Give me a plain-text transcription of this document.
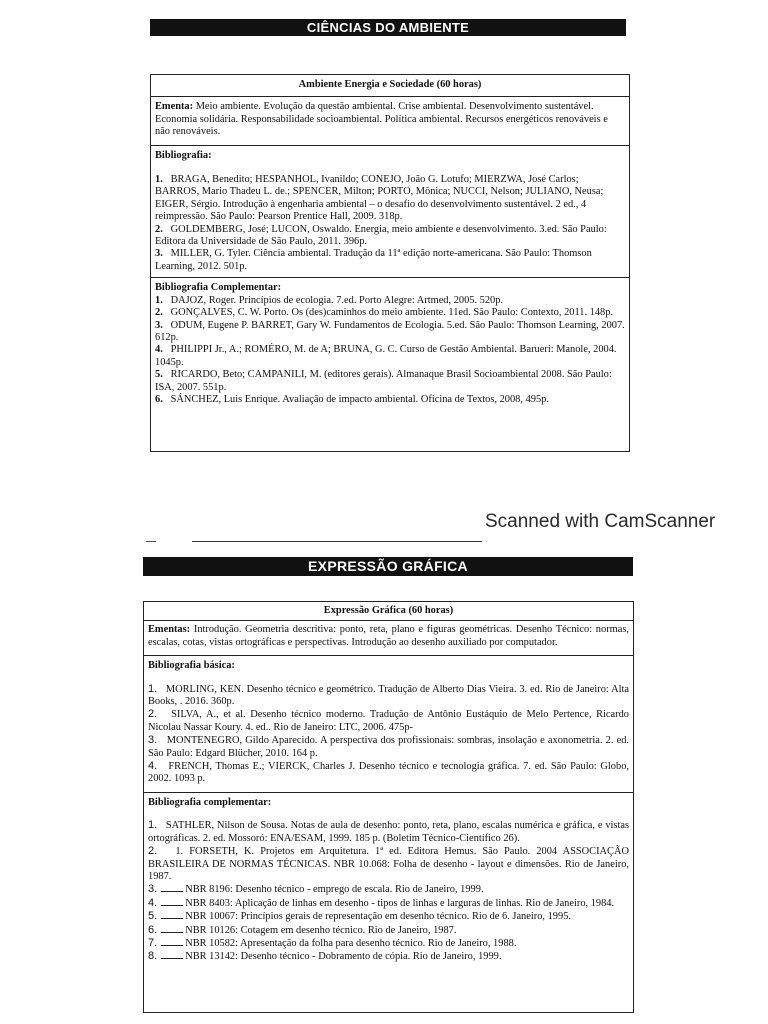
CIÊNCIAS DO AMBIENTE
Ambiente Energia e Sociedade (60 horas)
Ementa: Meio ambiente. Evolução da questão ambiental. Crise ambiental. Desenvolvimento sustentável. Economia solidária. Responsabilidade socioambiental. Política ambiental. Recursos energéticos renováveis e não renováveis.
Bibliografia:
1. BRAGA, Benedito; HESPANHOL, Ivanildo; CONEJO, João G. Lotufo; MIERZWA, José Carlos; BARROS, Mario Thadeu L. de.; SPENCER, Milton; PORTO, Mônica; NUCCI, Nelson; JULIANO, Neusa; EIGER, Sérgio. Introdução à engenharia ambiental – o desafio do desenvolvimento sustentável. 2 ed., 4 reimpressão. São Paulo: Pearson Prentice Hall, 2009. 318p.
2. GOLDEMBERG, José; LUCON, Oswaldo. Energia, meio ambiente e desenvolvimento. 3.ed. São Paulo: Editora da Universidade de São Paulo, 2011. 396p.
3. MILLER, G. Tyler. Ciência ambiental. Tradução da 11ª edição norte-americana. São Paulo: Thomson Learning, 2012. 501p.
Bibliografia Complementar:
1. DAJOZ, Roger. Princípios de ecologia. 7.ed. Porto Alegre: Artmed, 2005. 520p.
2. GONÇALVES, C. W. Porto. Os (des)caminhos do meio ambiente. 11ed. São Paulo: Contexto, 2011. 148p.
3. ODUM, Eugene P. BARRET, Gary W. Fundamentos de Ecologia. 5.ed. São Paulo: Thomson Learning, 2007. 612p.
4. PHILIPPI Jr., A.; ROMÉRO, M. de A; BRUNA, G. C. Curso de Gestão Ambiental. Barueri: Manole, 2004. 1045p.
5. RICARDO, Beto; CAMPANILI, M. (editores gerais). Almanaque Brasil Socioambiental 2008. São Paulo: ISA, 2007. 551p.
6. SÁNCHEZ, Luis Enrique. Avaliação de impacto ambiental. Oficina de Textos, 2008, 495p.
Scanned with CamScanner
EXPRESSÃO GRÁFICA
Expressão Gráfica (60 horas)
Ementas: Introdução. Geometria descritiva: ponto, reta, plano e figuras geométricas. Desenho Técnico: normas, escalas, cotas, vistas ortográficas e perspectivas. Introdução ao desenho auxiliado por computador.
Bibliografia básica:
1. MORLING, KEN. Desenho técnico e geométrico. Tradução de Alberto Dias Vieira. 3. ed. Rio de Janeiro: Alta Books, . 2016. 360p.
2. SILVA, A., et al. Desenho técnico moderno. Tradução de Antônio Eustáquio de Melo Pertence, Ricardo Nicolau Nassar Koury. 4. ed.. Rio de Janeiro: LTC, 2006. 475p-
3. MONTENEGRO, Gildo Aparecido. A perspectiva dos profissionais: sombras, insolação e axonometria. 2. ed. São Paulo: Edgard Blücher, 2010. 164 p.
4. FRENCH, Thomas E.; VIERCK, Charles J. Desenho técnico e tecnologia gráfica. 7. ed. São Paulo: Globo, 2002. 1093 p.
Bibliografia complementar:
1. SATHLER, Nilson de Sousa. Notas de aula de desenho: ponto, reta, plano, escalas numérica e gráfica, e vistas ortográficas. 2. ed. Mossoró: ENA/ESAM, 1999. 185 p. (Boletim Técnico-Científico 26).
2. 1. FORSETH, K. Projetos em Arquitetura. 1ª ed. Editora Hemus. São Paulo. 2004 ASSOCIAÇÃO BRASILEIRA DE NORMAS TÉCNICAS. NBR 10.068: Folha de desenho - layout e dimensões. Rio de Janeiro, 1987.
3.	NBR 8196: Desenho técnico - emprego de escala. Rio de Janeiro, 1999.
4.	NBR 8403: Aplicação de linhas em desenho - tipos de linhas e larguras de linhas. Rio de Janeiro, 1984.
5.	NBR 10067: Princípios gerais de representação em desenho técnico. Rio de 6. Janeiro, 1995.
6.	NBR 10126: Cotagem em desenho técnico. Rio de Janeiro, 1987.
7.	NBR 10582: Apresentação da folha para desenho técnico. Rio de Janeiro, 1988.
8.	NBR 13142: Desenho técnico - Dobramento de cópia. Rio de Janeiro, 1999.
